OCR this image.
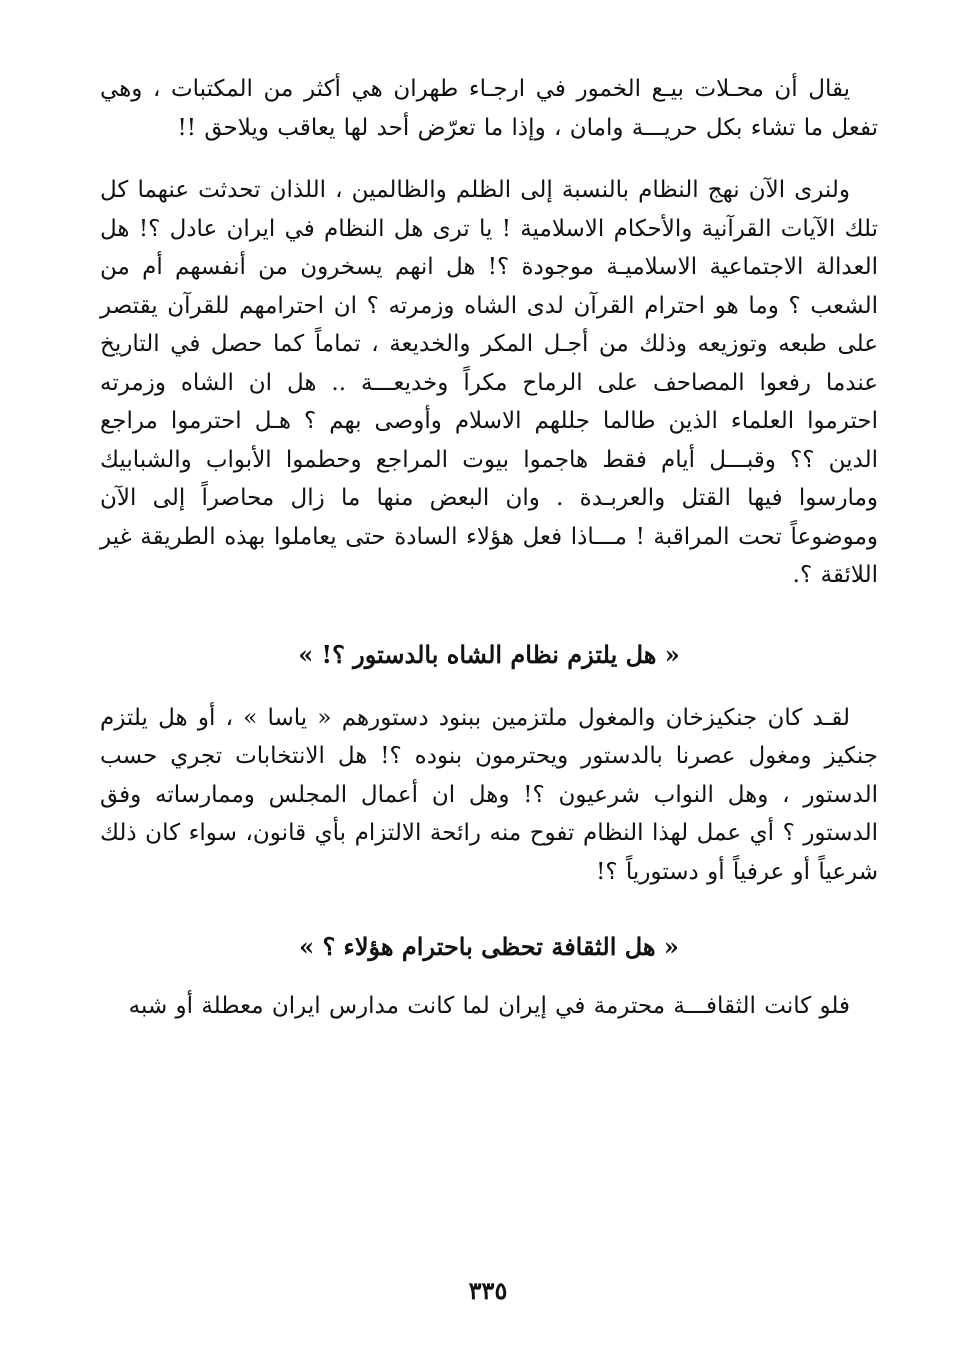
يقال أن محـلات بيـع الخمور في ارجـاء طهران هي أكثر من المكتبات ، وهي تفعل ما تشاء بكل حريـــة وامان ، وإذا ما تعرّض أحد لها يعاقب ويلاحق !!

ولنرى الآن نهج النظام بالنسبة إلى الظلم والظالمين ، اللذان تحدثت عنهما كل تلك الآيات القرآنية والأحكام الاسلامية ! يا ترى هل النظام في ايران عادل ؟! هل العدالة الاجتماعية الاسلاميـة موجودة ؟! هل انهم يسخرون من أنفسهم أم من الشعب ؟ وما هو احترام القرآن لدى الشاه وزمرته ؟ ان احترامهم للقرآن يقتصر على طبعه وتوزيعه وذلك من أجـل المكر والخديعة ، تماماً كما حصل في التاريخ عندما رفعوا المصاحف على الرماح مكراً وخديعـــة .. هل ان الشاه وزمرته احترموا العلماء الذين طالما جللهم الاسلام وأوصى بهم ؟ هـل احترموا مراجع الدين ؟؟ وقبـــل أيام فقط هاجموا بيوت المراجع وحطموا الأبواب والشبابيك ومارسوا فيها القتل والعربـدة . وان البعض منها ما زال محاصراً إلى الآن وموضوعاً تحت المراقبة ! مـــاذا فعل هؤلاء السادة حتى يعاملوا بهذه الطريقة غير اللائقة ؟.

« هل يلتزم نظام الشاه بالدستور ؟! »

لقـد كان جنكيزخان والمغول ملتزمين ببنود دستورهم « ياسا » ، أو هل يلتزم جنكيز ومغول عصرنا بالدستور ويحترمون بنوده ؟! هل الانتخابات تجري حسب الدستور ، وهل النواب شرعيون ؟! وهل ان أعمال المجلس وممارساته وفق الدستور ؟ أي عمل لهذا النظام تفوح منه رائحة الالتزام بأي قانون، سواء كان ذلك شرعياً أو عرفياً أو دستورياً ؟!

« هل الثقافة تحظى باحترام هؤلاء ؟ »

فلو كانت الثقافـــة محترمة في إيران لما كانت مدارس ايران معطلة أو شبه

٣٣٥
